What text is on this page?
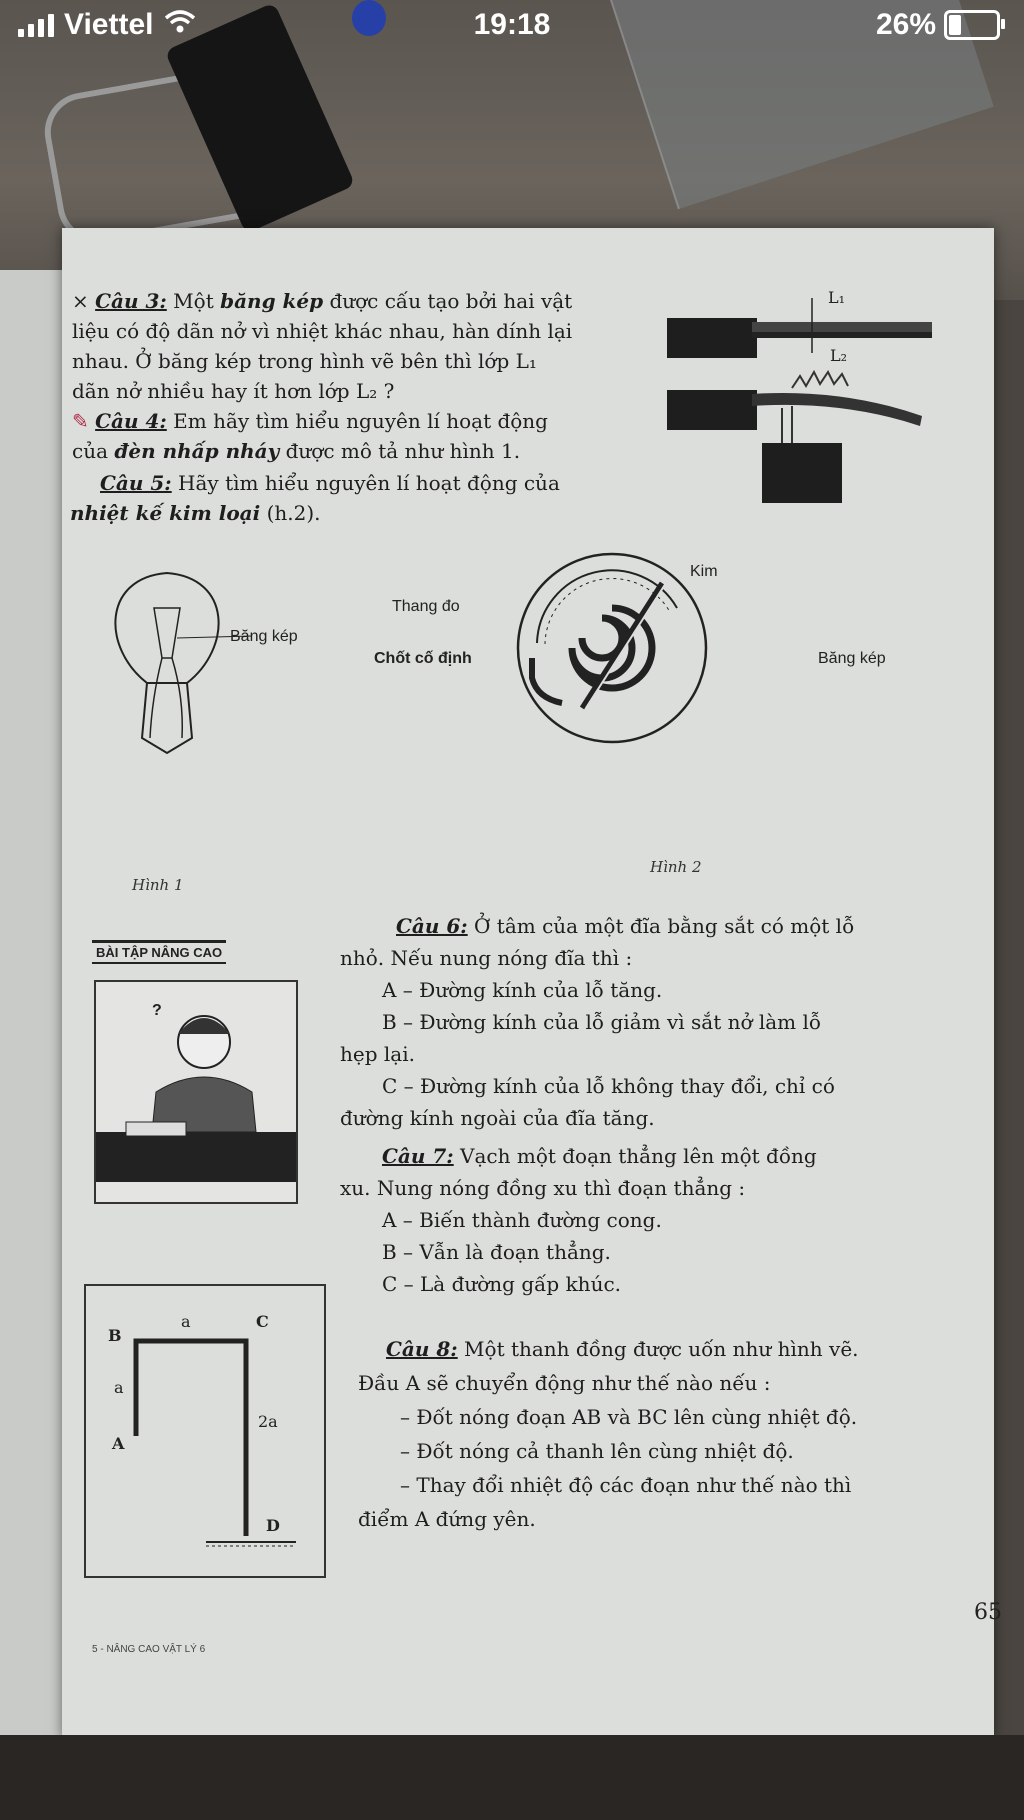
× Câu 3: Một băng kép được cấu tạo bởi hai vật
liệu có độ dãn nở vì nhiệt khác nhau, hàn dính lại
nhau. Ở băng kép trong hình vẽ bên thì lớp L₁
dãn nở nhiều hay ít hơn lớp L₂ ?
✎ Câu 4: Em hãy tìm hiểu nguyên lí hoạt động
của đèn nhấp nháy được mô tả như hình 1.
Câu 5: Hãy tìm hiểu nguyên lí hoạt động của
nhiệt kế kim loại (h.2).
L₁
L₂
Băng kép
Hình 1
Kim
Thang đo
Chốt cố định	Băng kép
Hình 2
BÀI TẬP NÂNG CAO
?
B
C
A
D
a
a
2a
Câu 6: Ở tâm của một đĩa bằng sắt có một lỗ
nhỏ. Nếu nung nóng đĩa thì :
A – Đường kính của lỗ tăng.
B – Đường kính của lỗ giảm vì sắt nở làm lỗ
hẹp lại.
C – Đường kính của lỗ không thay đổi, chỉ có
đường kính ngoài của đĩa tăng.
Câu 7: Vạch một đoạn thẳng lên một đồng
xu. Nung nóng đồng xu thì đoạn thẳng :
A – Biến thành đường cong.
B – Vẫn là đoạn thẳng.
C – Là đường gấp khúc.
Câu 8: Một thanh đồng được uốn như hình vẽ.
Đầu A sẽ chuyển động như thế nào nếu :
– Đốt nóng đoạn AB và BC lên cùng nhiệt độ.
– Đốt nóng cả thanh lên cùng nhiệt độ.
– Thay đổi nhiệt độ các đoạn như thế nào thì
điểm A đứng yên.
65
5 - NÂNG CAO VẬT LÝ 6
Viettel	19:18	26%
